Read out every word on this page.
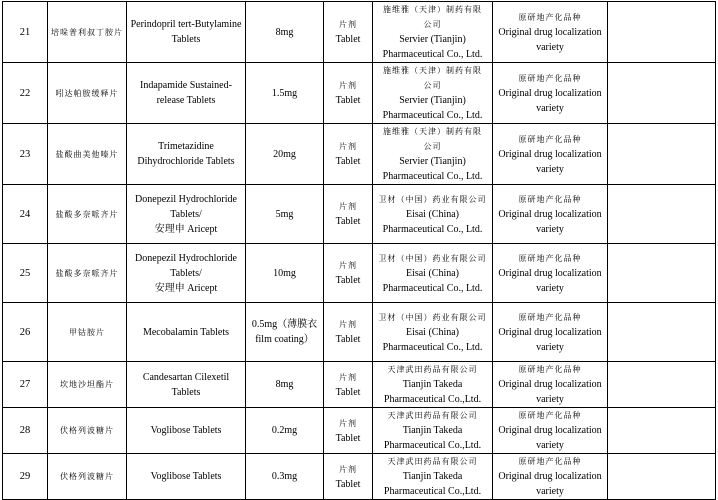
21	培哚普利叔丁胺片	Perindopril tert-Butylamine
Tablets	8mg	片剂
Tablet	施维雅（天津）制药有限
公司
Servier (Tianjin)
Pharmaceutical Co., Ltd.	原研地产化品种
Original drug localization
variety	

22	吲达帕胺缓释片	Indapamide Sustained-
release Tablets	1.5mg	片剂
Tablet	施维雅（天津）制药有限
公司
Servier (Tianjin)
Pharmaceutical Co., Ltd.	原研地产化品种
Original drug localization
variety	

23	盐酸曲美他嗪片	Trimetazidine
Dihydrochloride Tablets	20mg	片剂
Tablet	施维雅（天津）制药有限
公司
Servier (Tianjin)
Pharmaceutical Co., Ltd.	原研地产化品种
Original drug localization
variety	

24	盐酸多奈哌齐片	Donepezil Hydrochloride
Tablets/
安理申 Aricept	5mg	片剂
Tablet	卫材（中国）药业有限公司
Eisai (China)
Pharmaceutical Co., Ltd.	原研地产化品种
Original drug localization
variety	

25	盐酸多奈哌齐片	Donepezil Hydrochloride
Tablets/
安理申 Aricept	10mg	片剂
Tablet	卫材（中国）药业有限公司
Eisai (China)
Pharmaceutical Co., Ltd.	原研地产化品种
Original drug localization
variety	

26	甲钴胺片	Mecobalamin Tablets	0.5mg（薄膜衣
film coating）	片剂
Tablet	卫材（中国）药业有限公司
Eisai (China)
Pharmaceutical Co., Ltd.	原研地产化品种
Original drug localization
variety	

27	坎地沙坦酯片	Candesartan Cilexetil
Tablets	8mg	片剂
Tablet	天津武田药品有限公司
Tianjin Takeda
Pharmaceutical Co.,Ltd.	原研地产化品种
Original drug localization
variety	

28	伏格列波糖片	Voglibose Tablets	0.2mg	片剂
Tablet	天津武田药品有限公司
Tianjin Takeda
Pharmaceutical Co.,Ltd.	原研地产化品种
Original drug localization
variety	

29	伏格列波糖片	Voglibose Tablets	0.3mg	片剂
Tablet	天津武田药品有限公司
Tianjin Takeda
Pharmaceutical Co.,Ltd.	原研地产化品种
Original drug localization
variety	
